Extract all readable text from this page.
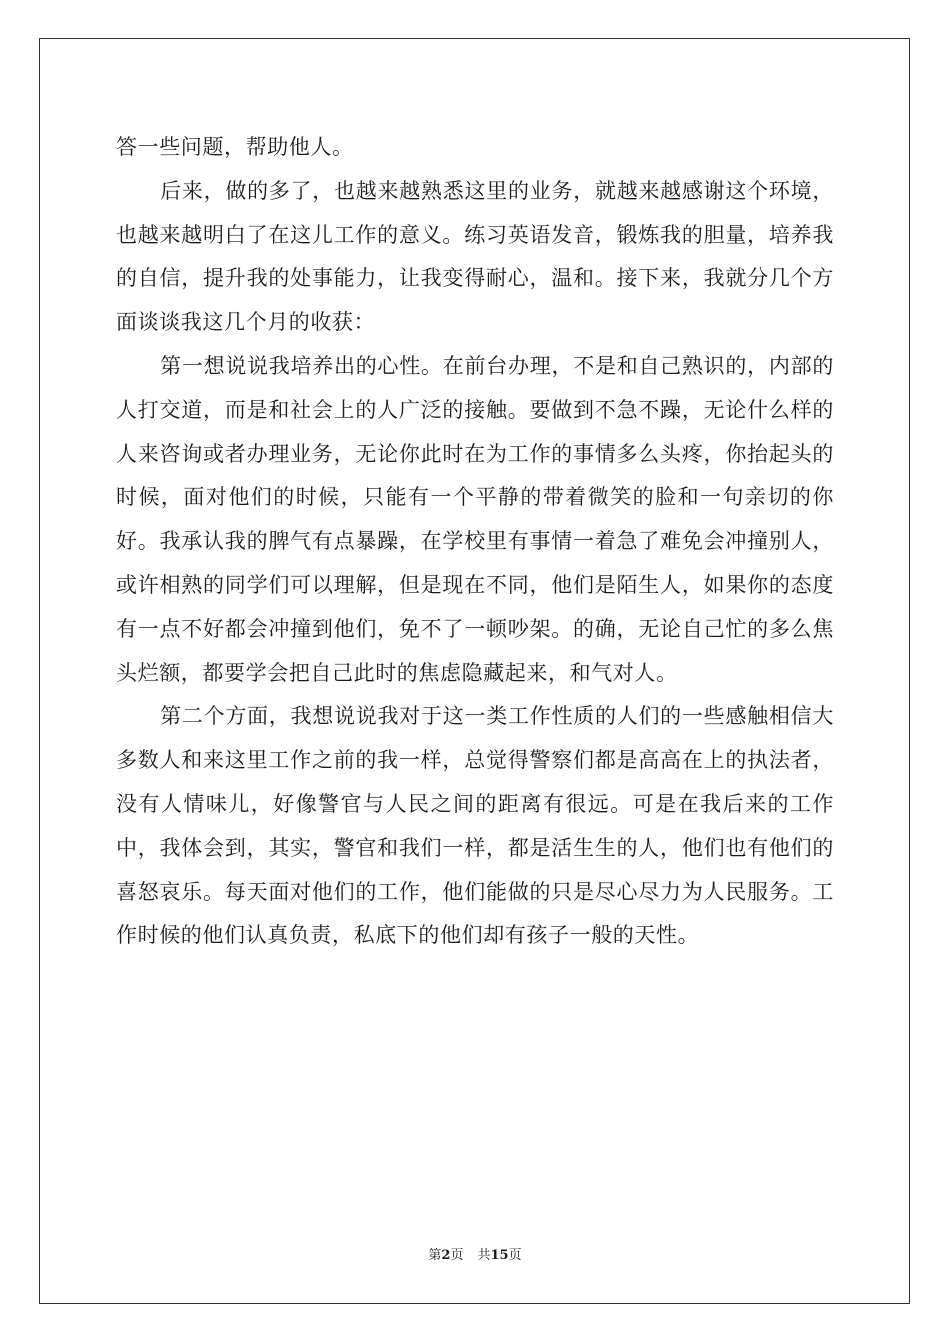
答一些问题，帮助他人。

后来，做的多了，也越来越熟悉这里的业务，就越来越感谢这个环境，也越来越明白了在这儿工作的意义。练习英语发音，锻炼我的胆量，培养我的自信，提升我的处事能力，让我变得耐心，温和。接下来，我就分几个方面谈谈我这几个月的收获：

第一想说说我培养出的心性。在前台办理，不是和自己熟识的，内部的人打交道，而是和社会上的人广泛的接触。要做到不急不躁，无论什么样的人来咨询或者办理业务，无论你此时在为工作的事情多么头疼，你抬起头的时候，面对他们的时候，只能有一个平静的带着微笑的脸和一句亲切的你好。我承认我的脾气有点暴躁，在学校里有事情一着急了难免会冲撞别人，或许相熟的同学们可以理解，但是现在不同，他们是陌生人，如果你的态度有一点不好都会冲撞到他们，免不了一顿吵架。的确，无论自己忙的多么焦头烂额，都要学会把自己此时的焦虑隐藏起来，和气对人。

第二个方面，我想说说我对于这一类工作性质的人们的一些感触相信大多数人和来这里工作之前的我一样，总觉得警察们都是高高在上的执法者，没有人情味儿，好像警官与人民之间的距离有很远。可是在我后来的工作中，我体会到，其实，警官和我们一样，都是活生生的人，他们也有他们的喜怒哀乐。每天面对他们的工作，他们能做的只是尽心尽力为人民服务。工作时候的他们认真负责，私底下的他们却有孩子一般的天性。

第2页 共15页
